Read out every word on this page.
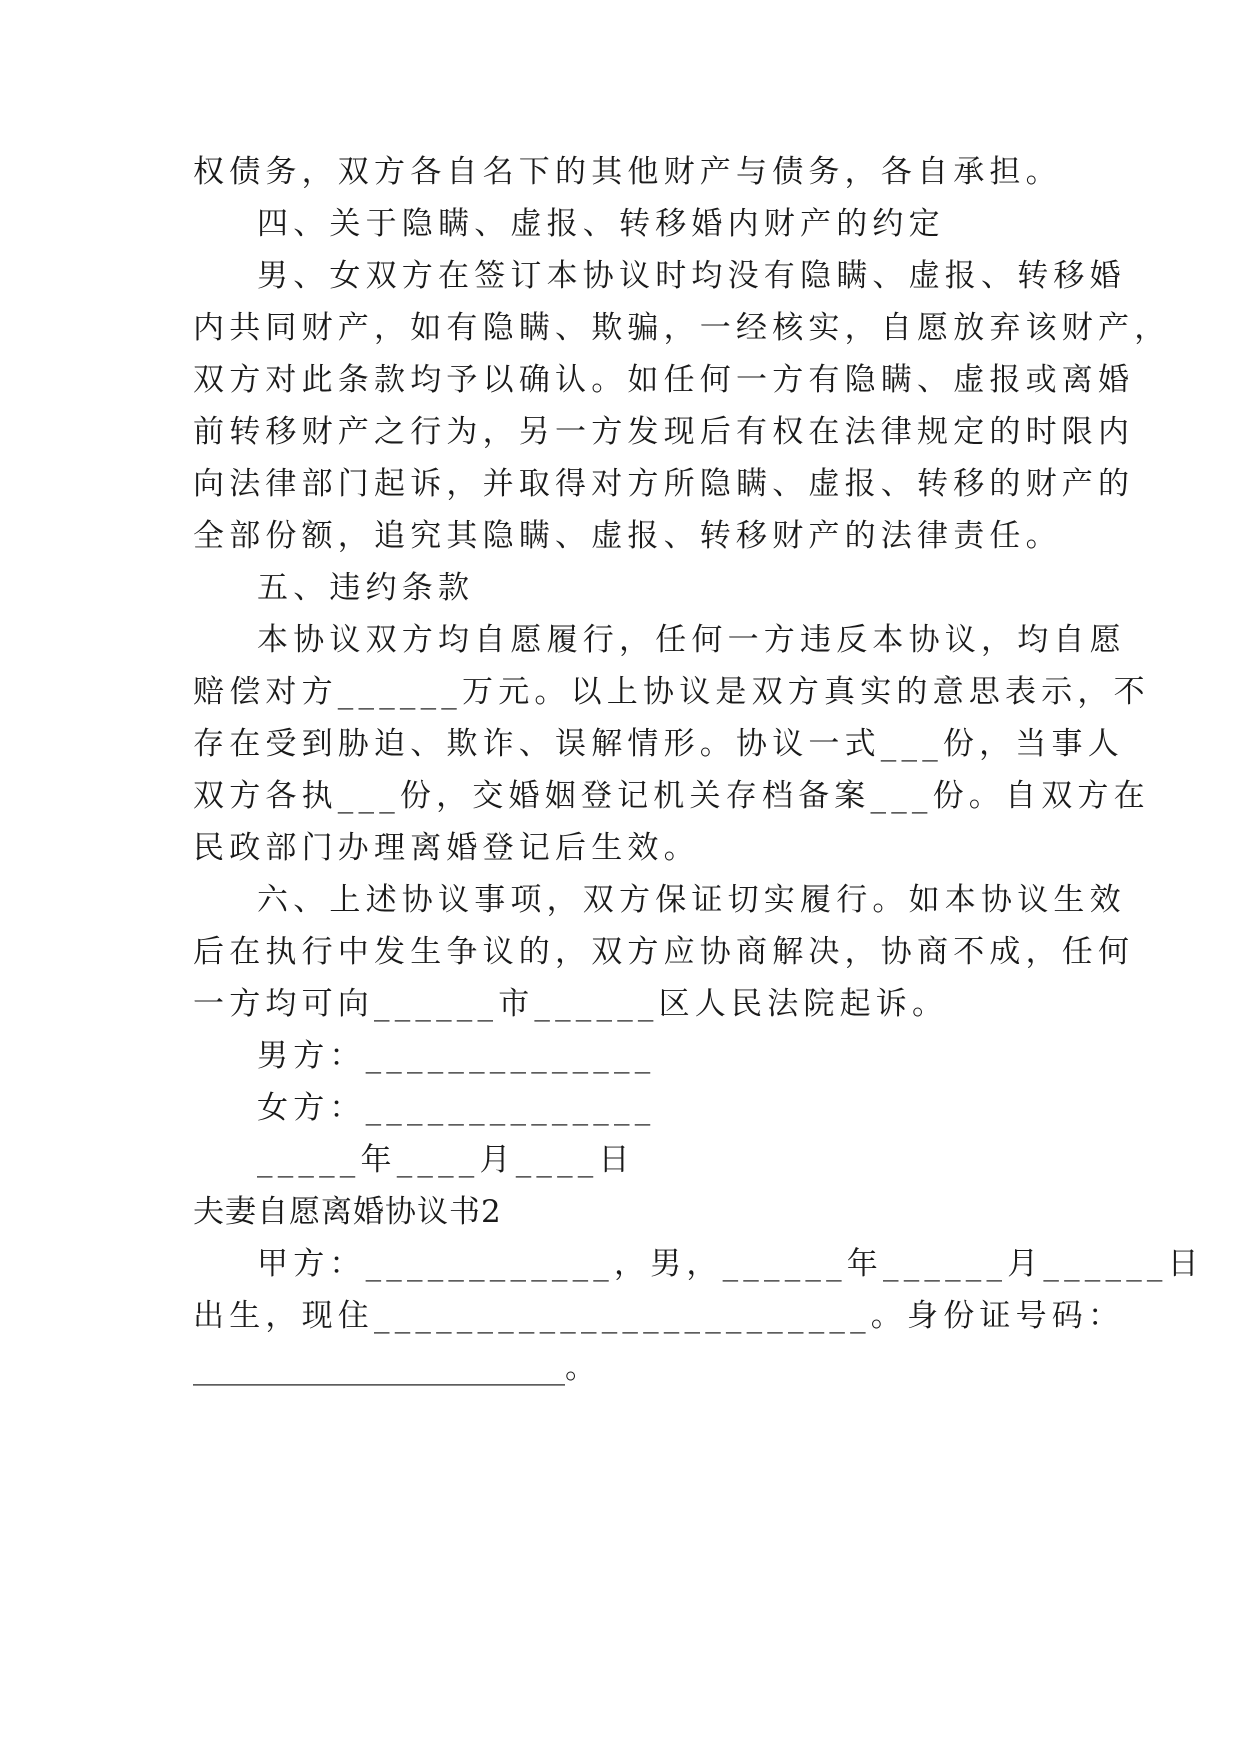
权债务，双方各自名下的其他财产与债务，各自承担。
四、关于隐瞒、虚报、转移婚内财产的约定
男、女双方在签订本协议时均没有隐瞒、虚报、转移婚
内共同财产，如有隐瞒、欺骗，一经核实，自愿放弃该财产，
双方对此条款均予以确认。如任何一方有隐瞒、虚报或离婚
前转移财产之行为，另一方发现后有权在法律规定的时限内
向法律部门起诉，并取得对方所隐瞒、虚报、转移的财产的
全部份额，追究其隐瞒、虚报、转移财产的法律责任。
五、违约条款
本协议双方均自愿履行，任何一方违反本协议，均自愿
赔偿对方______万元。以上协议是双方真实的意思表示，不
存在受到胁迫、欺诈、误解情形。协议一式___份，当事人
双方各执___份，交婚姻登记机关存档备案___份。自双方在
民政部门办理离婚登记后生效。
六、上述协议事项，双方保证切实履行。如本协议生效
后在执行中发生争议的，双方应协商解决，协商不成，任何
一方均可向______市______区人民法院起诉。
男方：______________
女方：______________
_____年____月____日
夫妻自愿离婚协议书2
甲方：____________，男，______年______月______日
出生，现住________________________。身份证号码：
________________________。
